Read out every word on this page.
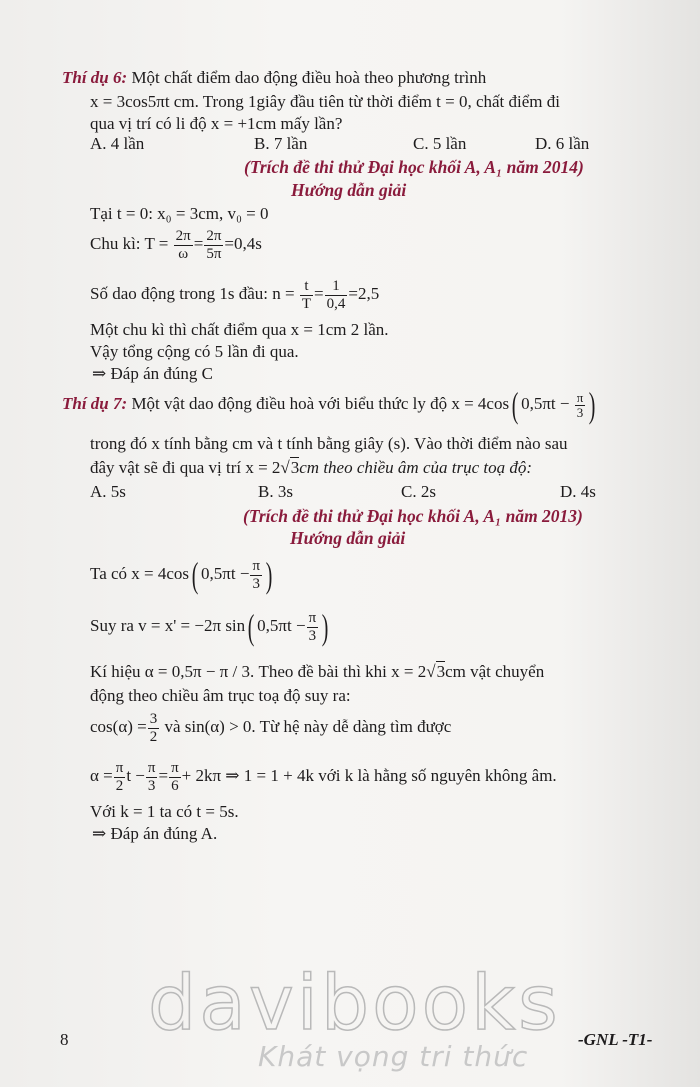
Thí dụ 6: Một chất điểm dao động điều hoà theo phương trình
x = 3cos5πt cm. Trong 1giây đầu tiên từ thời điểm t = 0, chất điểm đi
qua vị trí có li độ x = +1cm mấy lần?
A. 4 lần	B. 7 lần	C. 5 lần	D. 6 lần
(Trích đề thi thử Đại học khối A, A₁ năm 2014)
Hướng dẫn giải
Tại t = 0: x₀ = 3cm, v₀ = 0
Chu kì: $T = \frac{2\pi}{\omega} = \frac{2\pi}{5\pi} =0,4s$
Số dao động trong 1s đầu: $n = \frac{t}{T} = \frac{1}{0,4} =2,5$
Một chu kì thì chất điểm qua x = 1cm 2 lần.
Vậy tổng cộng có 5 lần đi qua.
⇒ Đáp án đúng C
Thí dụ 7: Một vật dao động điều hoà với biểu thức ly độ x = 4cos( $0,5\pi t - \frac{\pi}{3}$ )
trong đó x tính bằng cm và t tính bằng giây (s). Vào thời điểm nào sau
đây vật sẽ đi qua vị trí x = 2√3cm theo chiều âm của trục toạ độ:
A. 5s	B. 3s	C. 2s	D. 4s
(Trích đề thi thử Đại học khối A, A₁ năm 2013)
Hướng dẫn giải
Ta có x = 4cos( $0,5\pi t - \frac{\pi}{3}$ )
Suy ra v = x' = −2π sin( $0,5\pi t - \frac{\pi}{3}$ )
Kí hiệu α = 0,5π − π / 3. Theo đề bài thì khi x = 2√3cm vật chuyển
động theo chiều âm trục toạ độ suy ra:
$\cos(\alpha) = \frac{3}{2}$ và sin(α) > 0. Từ hệ này dễ dàng tìm được
$\alpha = \frac{\pi}{2}$ $t - \frac{\pi}{3} = \frac{\pi}{6} + 2k\pi$ ⇒ 1 = 1 + 4k với k là hằng số nguyên không âm.
Với k = 1 ta có t = 5s.
⇒ Đáp án đúng A.
davibooks
Khát vọng tri thức
8	-GNL -T1-
